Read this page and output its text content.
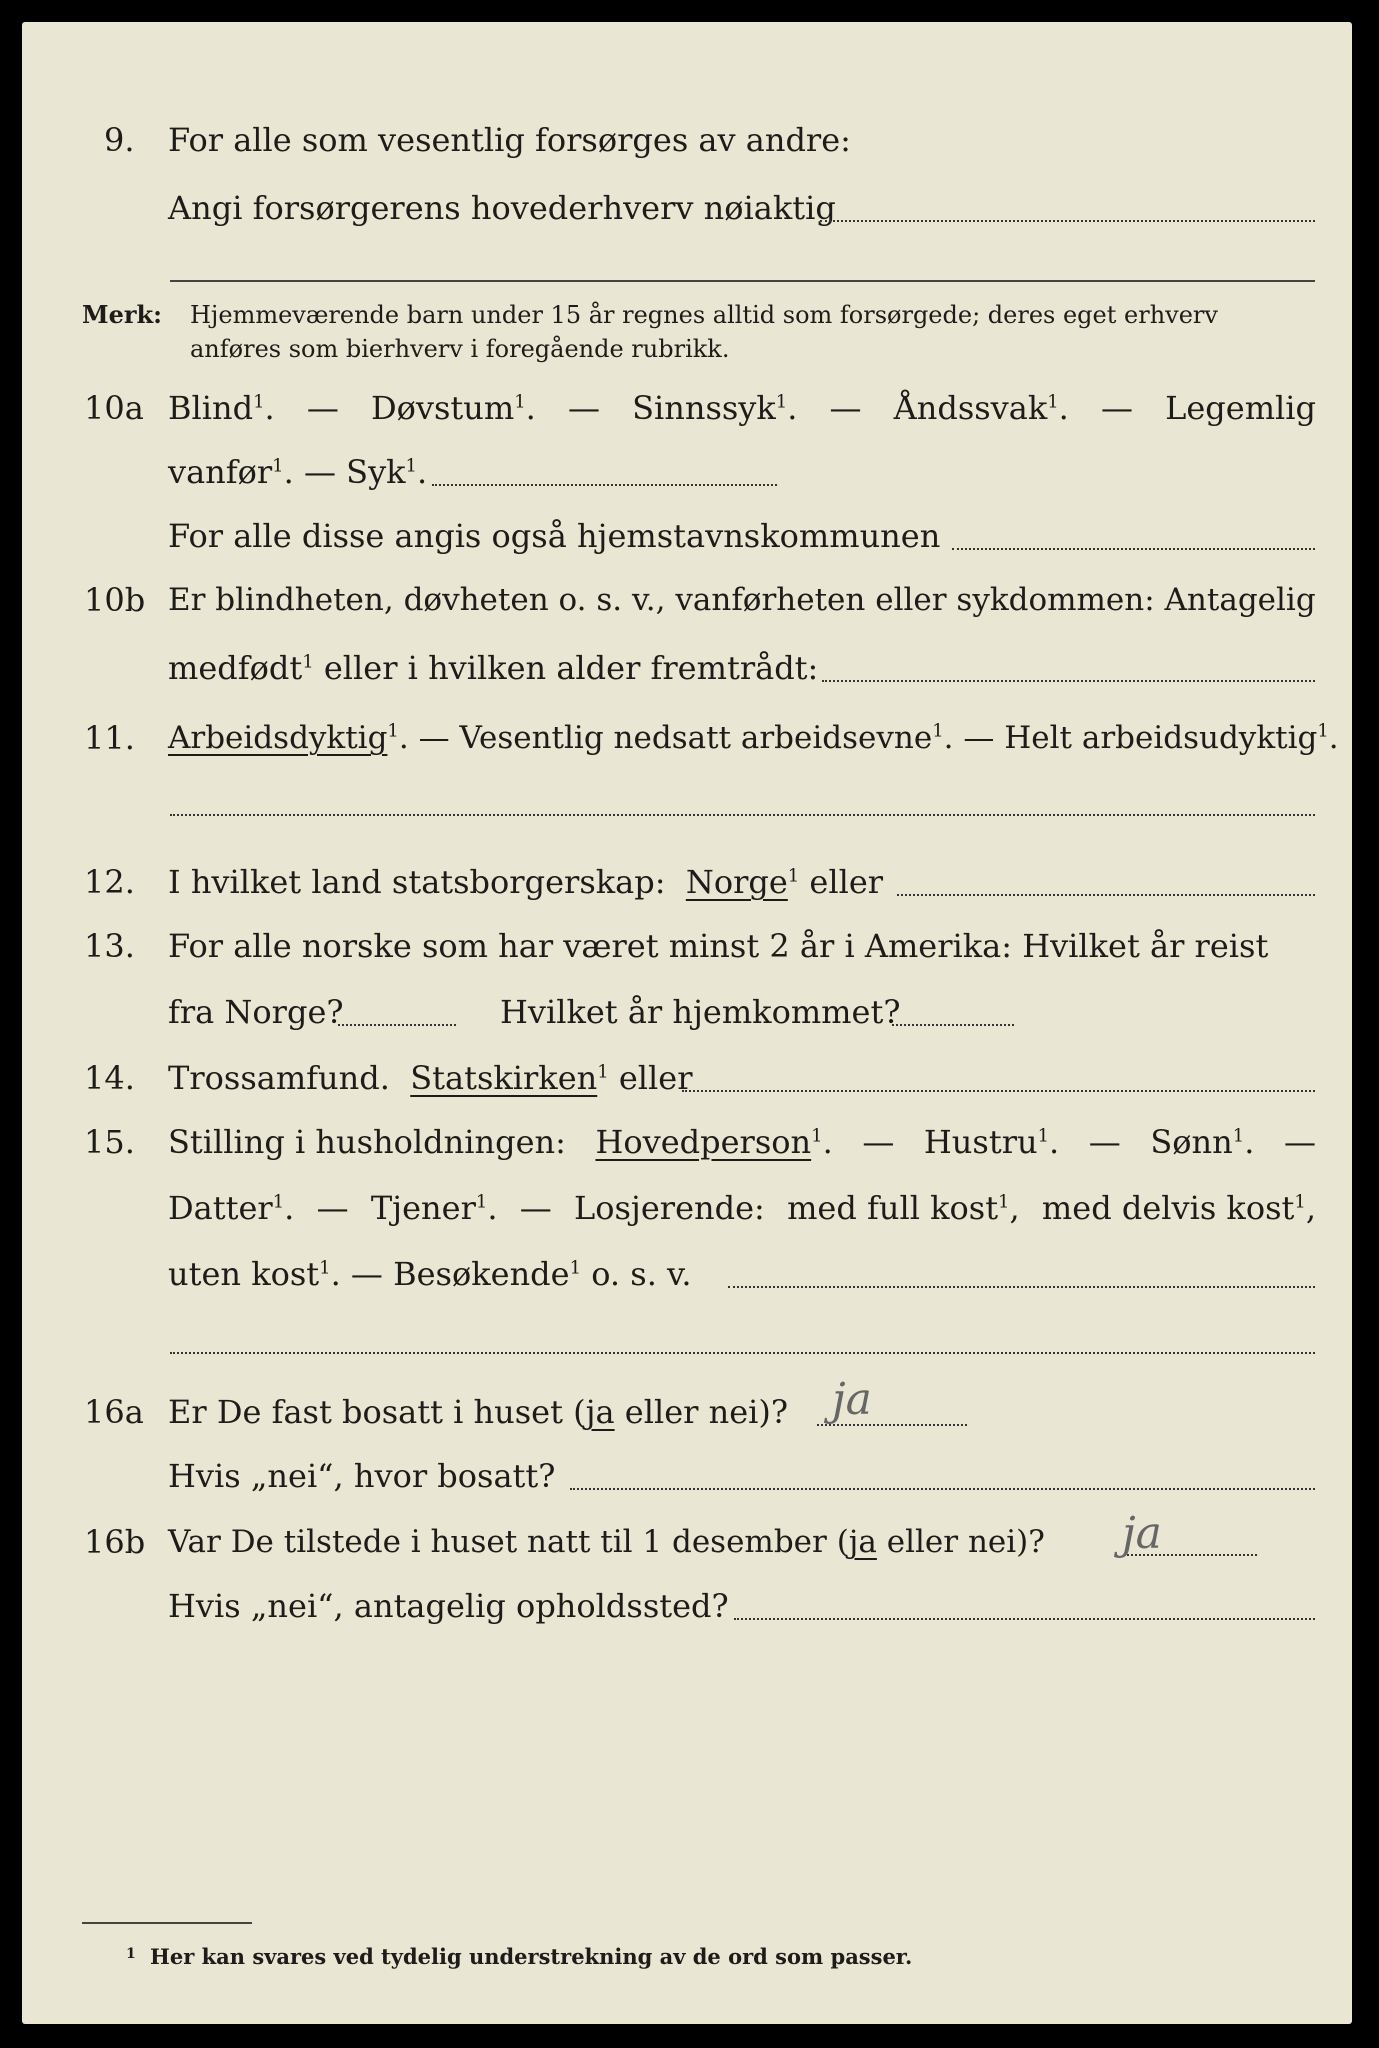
9. For alle som vesentlig forsørges av andre:
Angi forsørgerens hovederhverv nøiaktig
Merk: Hjemmeværende barn under 15 år regnes alltid som forsørgede; deres eget erhverv
anføres som bierhverv i foregående rubrikk.
10a Blind$^1$. — Døvstum$^1$. — Sinnssyk$^1$. — Åndssvak$^1$. — Legemlig
vanfør$^1$. — Syk$^1$.
For alle disse angis også hjemstavnskommunen
10b Er blindheten, døvheten o. s. v., vanførheten eller sykdommen: Antagelig
medfødt$^1$ eller i hvilken alder fremtrådt:
11. Arbeidsdyktig$^1$. — Vesentlig nedsatt arbeidsevne$^1$. — Helt arbeidsudyktig$^1$.
12. I hvilket land statsborgerskap: Norge$^1$ eller
13. For alle norske som har været minst 2 år i Amerika: Hvilket år reist
fra Norge?	Hvilket år hjemkommet?
14. Trossamfund. Statskirken$^1$ eller
15. Stilling i husholdningen: Hovedperson$^1$. — Hustru$^1$. — Sønn$^1$. —
Datter$^1$. — Tjener$^1$. — Losjerende: med full kost$^1$, med delvis kost$^1$,
uten kost$^1$. — Besøkende$^1$ o. s. v.
16a Er De fast bosatt i huset (ja eller nei)? ja
Hvis „nei“, hvor bosatt?
16b Var De tilstede i huset natt til 1 desember (ja eller nei)? ja
Hvis „nei“, antagelig opholdssted?
1 Her kan svares ved tydelig understrekning av de ord som passer.
